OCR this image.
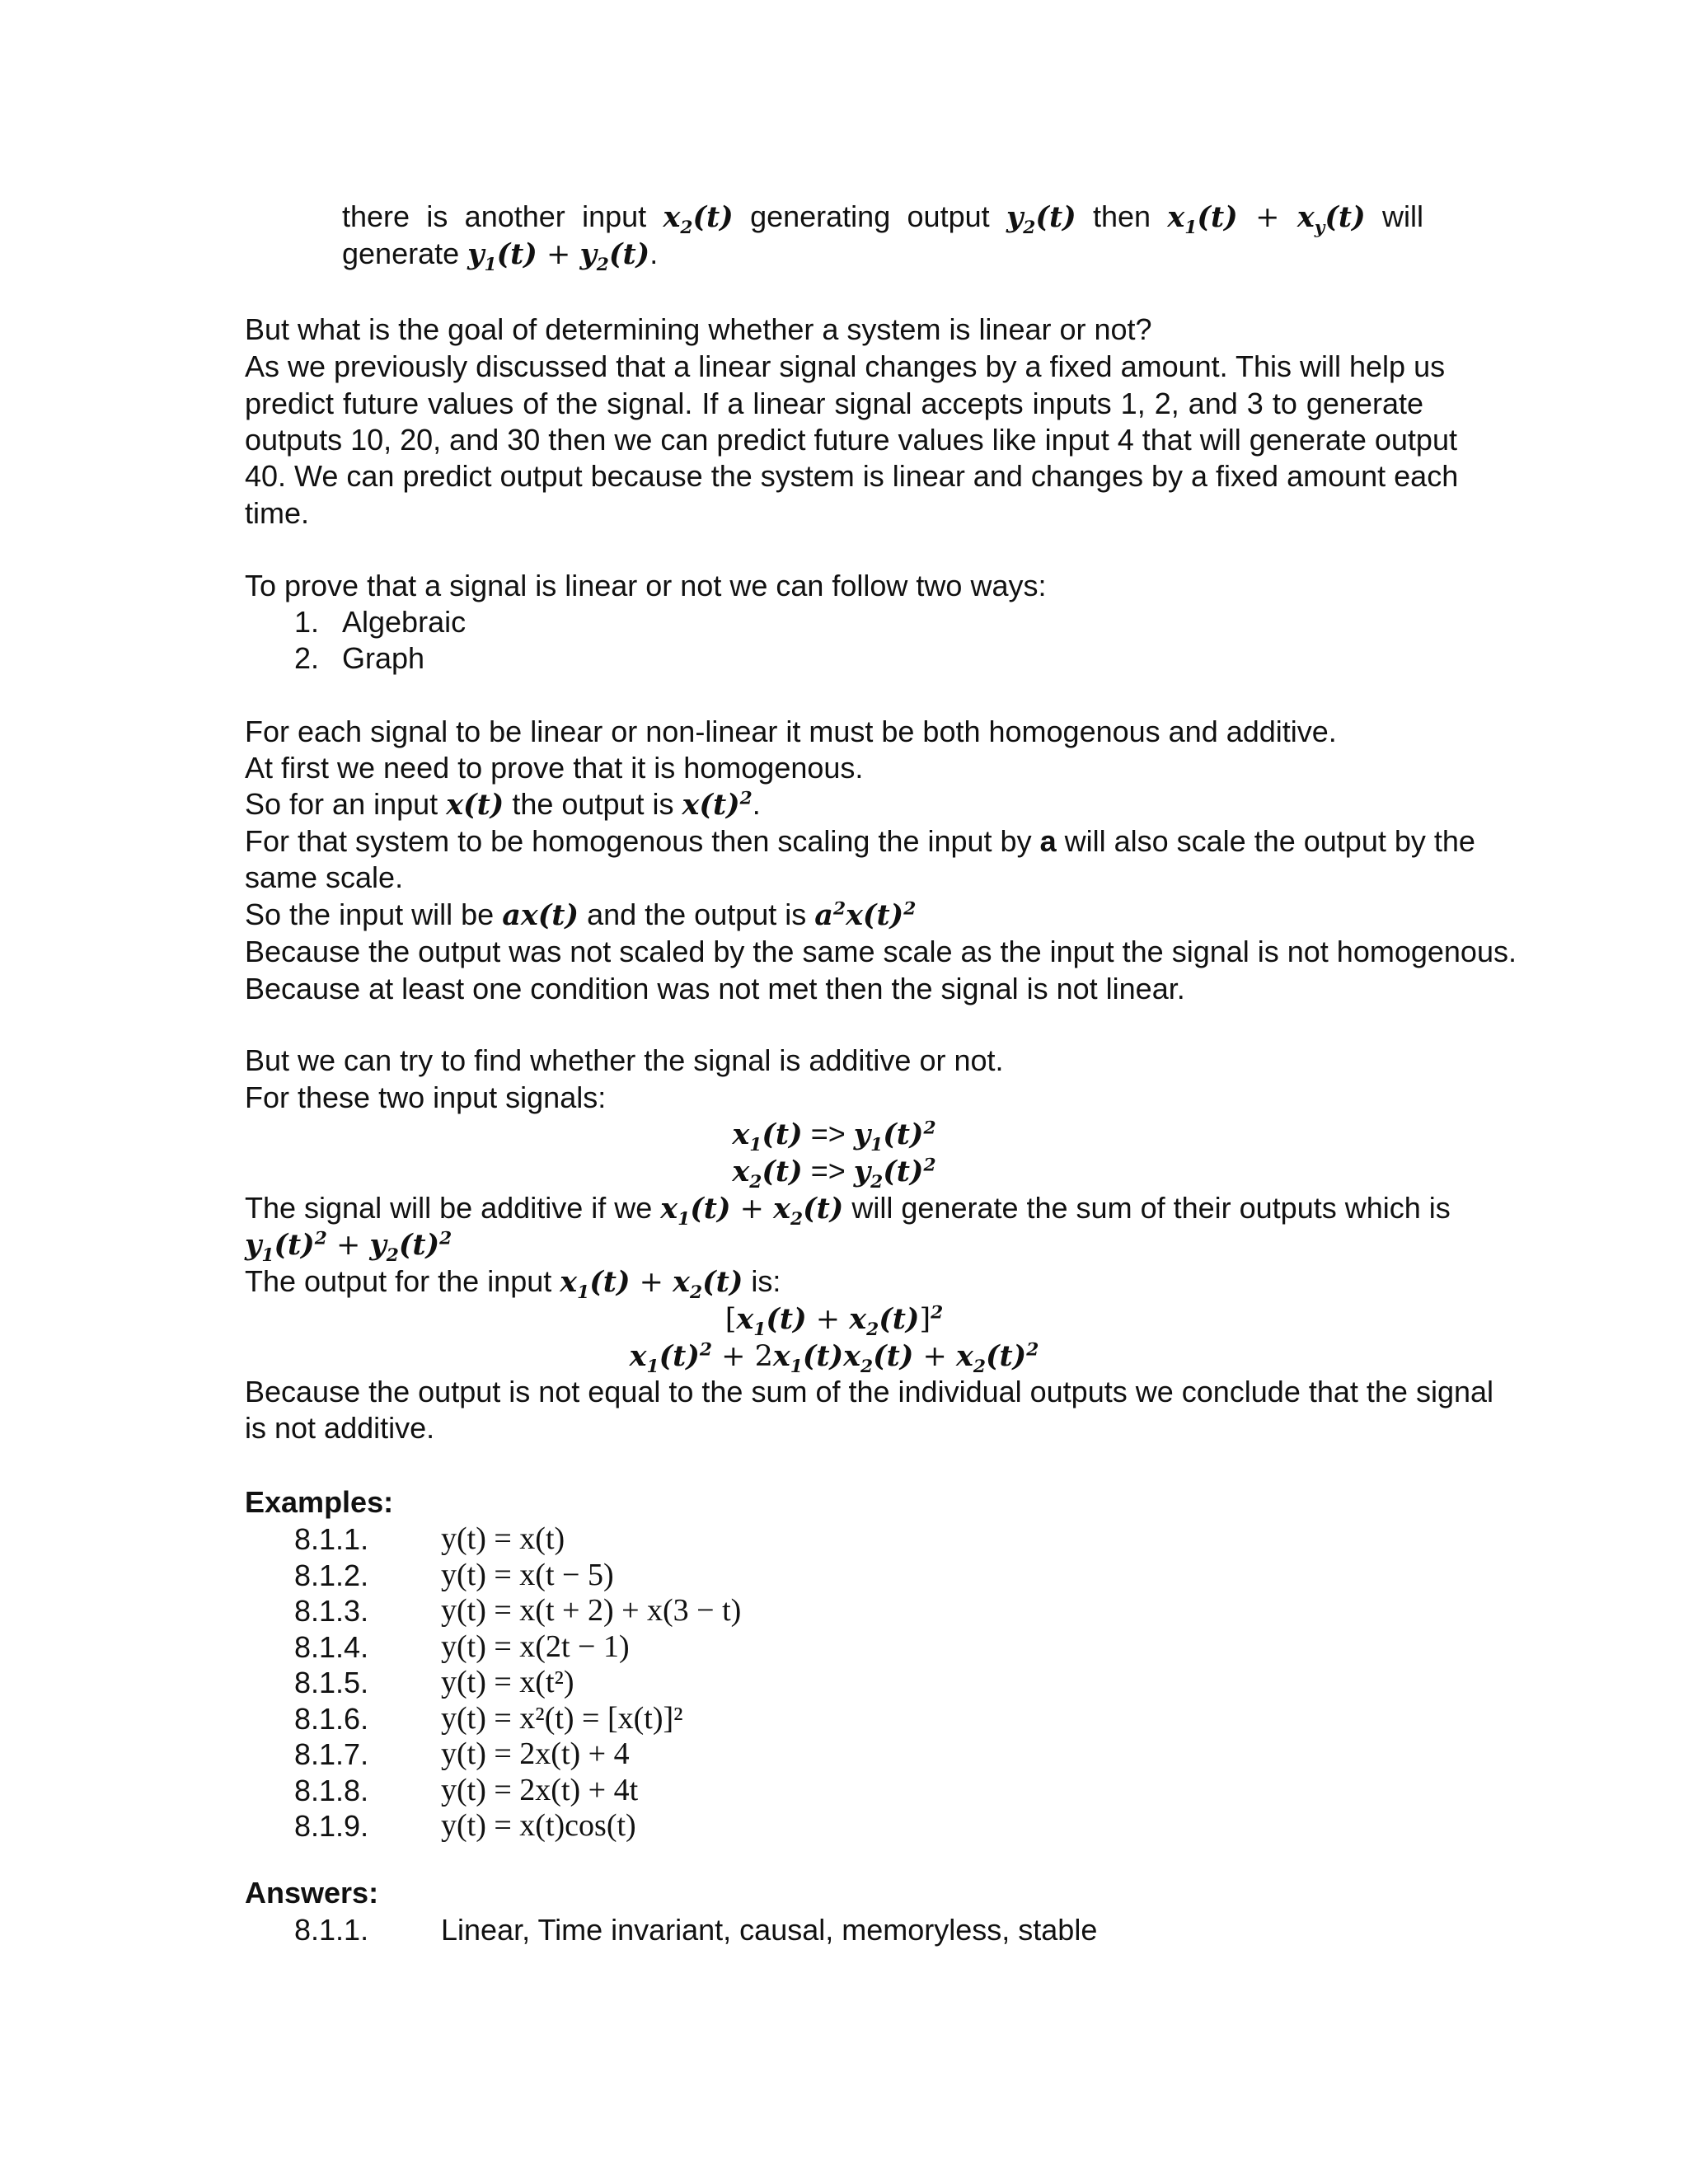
there is another input $x_2(t)$ generating output $y_2(t)$ then $x_1(t) + x_y(t)$ will
generate $y_1(t) + y_2(t)$.
But what is the goal of determining whether a system is linear or not?
As we previously discussed that a linear signal changes by a fixed amount. This will help us
predict future values of the signal. If a linear signal accepts inputs 1, 2, and 3 to generate
outputs 10, 20, and 30 then we can predict future values like input 4 that will generate output
40. We can predict output because the system is linear and changes by a fixed amount each
time.
To prove that a signal is linear or not we can follow two ways:
1. Algebraic
2. Graph
For each signal to be linear or non-linear it must be both homogenous and additive.
At first we need to prove that it is homogenous.
So for an input x(t) the output is $x(t)^2$.
For that system to be homogenous then scaling the input by a will also scale the output by the
same scale.
So the input will be ax(t) and the output is $a^2x(t)^2$
Because the output was not scaled by the same scale as the input the signal is not homogenous.
Because at least one condition was not met then the signal is not linear.
But we can try to find whether the signal is additive or not.
For these two input signals:
$x_1(t) => y_1(t)^2$
$x_2(t) => y_2(t)^2$
The signal will be additive if we $x_1(t) + x_2(t)$ will generate the sum of their outputs which is
$y_1(t)^2 + y_2(t)^2$
The output for the input $x_1(t) + x_2(t)$ is:
$[x_1(t) + x_2(t)]^2$
$x_1(t)^2 + 2x_1(t)x_2(t) + x_2(t)^2$
Because the output is not equal to the sum of the individual outputs we conclude that the signal
is not additive.
Examples:
8.1.1. y(t) = x(t)
8.1.2. y(t) = x(t − 5)
8.1.3. y(t) = x(t + 2) + x(3 − t)
8.1.4. y(t) = x(2t − 1)
8.1.5. y(t) = x(t²)
8.1.6. y(t) = x²(t) = [x(t)]²
8.1.7. y(t) = 2x(t) + 4
8.1.8. y(t) = 2x(t) + 4t
8.1.9. y(t) = x(t)cos(t)
Answers:
8.1.1. Linear, Time invariant, causal, memoryless, stable
